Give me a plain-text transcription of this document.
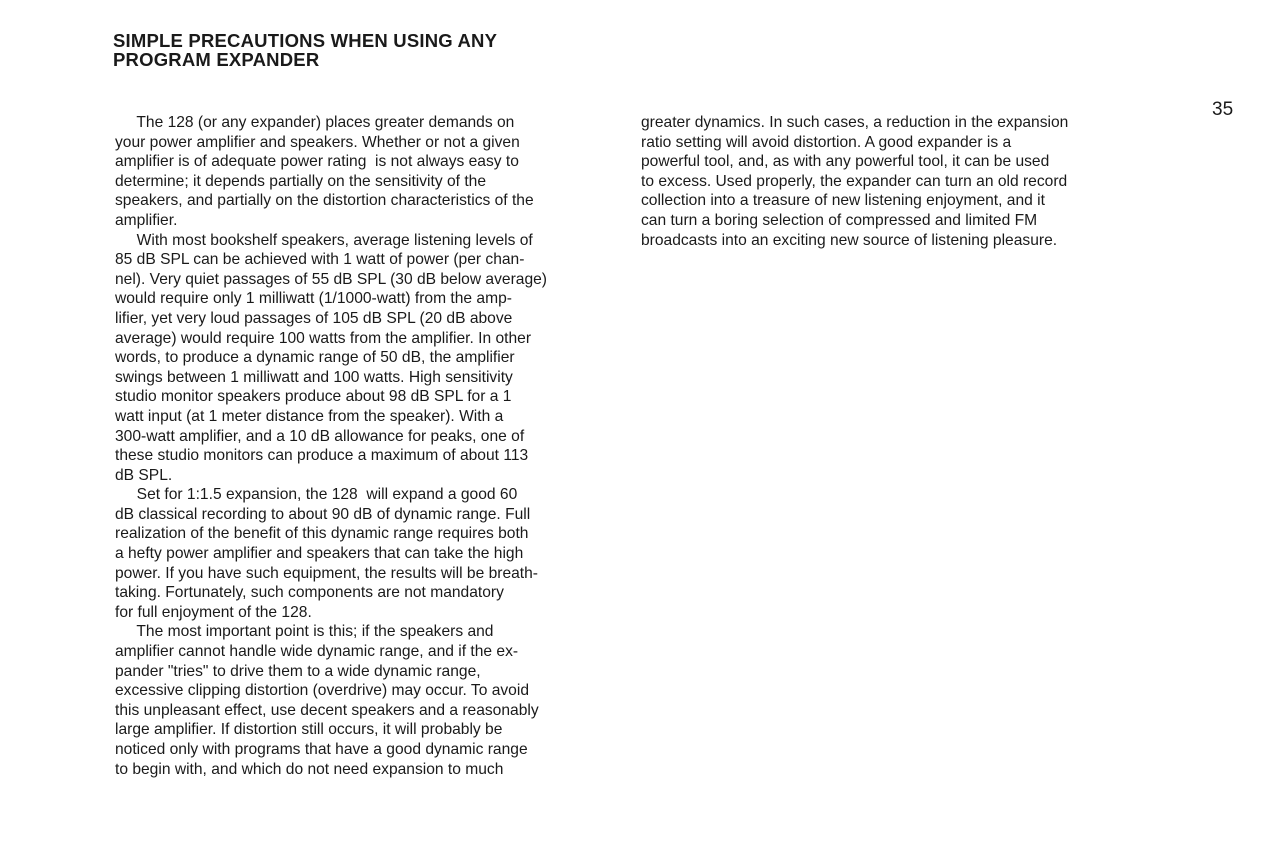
SIMPLE PRECAUTIONS WHEN USING ANY
PROGRAM EXPANDER
35
The 128 (or any expander) places greater demands on
your power amplifier and speakers. Whether or not a given
amplifier is of adequate power rating  is not always easy to
determine; it depends partially on the sensitivity of the
speakers, and partially on the distortion characteristics of the
amplifier.
With most bookshelf speakers, average listening levels of
85 dB SPL can be achieved with 1 watt of power (per chan-
nel). Very quiet passages of 55 dB SPL (30 dB below average)
would require only 1 milliwatt (1/1000-watt) from the amp-
lifier, yet very loud passages of 105 dB SPL (20 dB above
average) would require 100 watts from the amplifier. In other
words, to produce a dynamic range of 50 dB, the amplifier
swings between 1 milliwatt and 100 watts. High sensitivity
studio monitor speakers produce about 98 dB SPL for a 1
watt input (at 1 meter distance from the speaker). With a
300-watt amplifier, and a 10 dB allowance for peaks, one of
these studio monitors can produce a maximum of about 113
dB SPL.
Set for 1:1.5 expansion, the 128  will expand a good 60
dB classical recording to about 90 dB of dynamic range. Full
realization of the benefit of this dynamic range requires both
a hefty power amplifier and speakers that can take the high
power. If you have such equipment, the results will be breath-
taking. Fortunately, such components are not mandatory
for full enjoyment of the 128.
The most important point is this; if the speakers and
amplifier cannot handle wide dynamic range, and if the ex-
pander "tries" to drive them to a wide dynamic range,
excessive clipping distortion (overdrive) may occur. To avoid
this unpleasant effect, use decent speakers and a reasonably
large amplifier. If distortion still occurs, it will probably be
noticed only with programs that have a good dynamic range
to begin with, and which do not need expansion to much
greater dynamics. In such cases, a reduction in the expansion
ratio setting will avoid distortion. A good expander is a
powerful tool, and, as with any powerful tool, it can be used
to excess. Used properly, the expander can turn an old record
collection into a treasure of new listening enjoyment, and it
can turn a boring selection of compressed and limited FM
broadcasts into an exciting new source of listening pleasure.
